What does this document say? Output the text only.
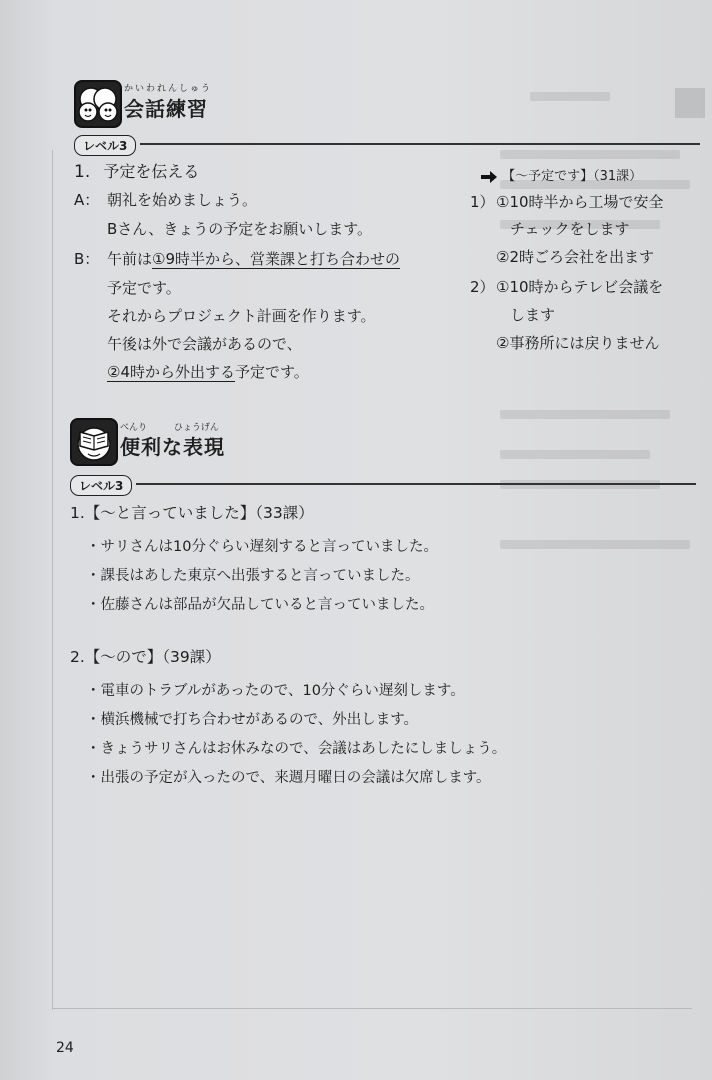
かいわれんしゅう
会話練習
レベル3
1. 予定を伝える	【～予定です】（31課）
A： 朝礼を始めましょう。
Bさん、きょうの予定をお願いします。
B： 午前は①9時半から、営業課と打ち合わせの
予定です。
それからプロジェクト計画を作ります。
午後は外で会議があるので、
②4時から外出する予定です。
1） ①10時半から工場で安全
チェックをします
②2時ごろ会社を出ます
2） ①10時からテレビ会議を
します
②事務所には戻りません
べんり	ひょうげん
便利な表現
レベル3
1.【～と言っていました】（33課）
・サリさんは10分ぐらい遅刻すると言っていました。
・課長はあした東京へ出張すると言っていました。
・佐藤さんは部品が欠品していると言っていました。
2.【～ので】（39課）
・電車のトラブルがあったので、10分ぐらい遅刻します。
・横浜機械で打ち合わせがあるので、外出します。
・きょうサリさんはお休みなので、会議はあしたにしましょう。
・出張の予定が入ったので、来週月曜日の会議は欠席します。
24
